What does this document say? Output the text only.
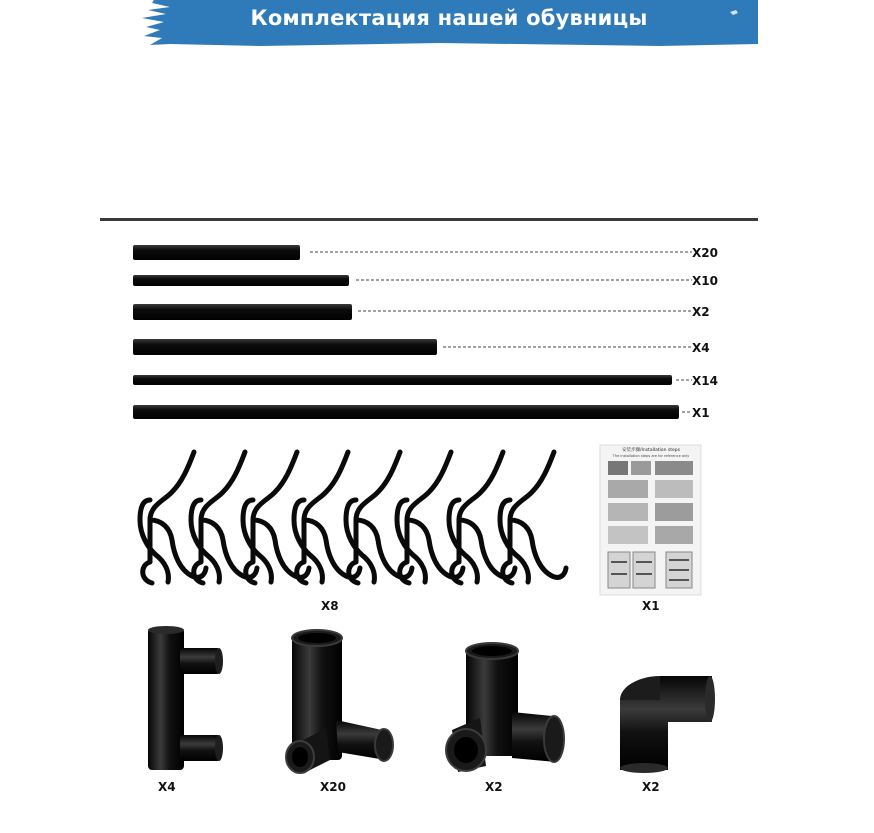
Комплектация нашей обувницы
X20
X10
X2
X4
X14
X1
X8	X1
安装步骤/Installation steps
The installation steps are for reference only
X4	X20	X2	X2
